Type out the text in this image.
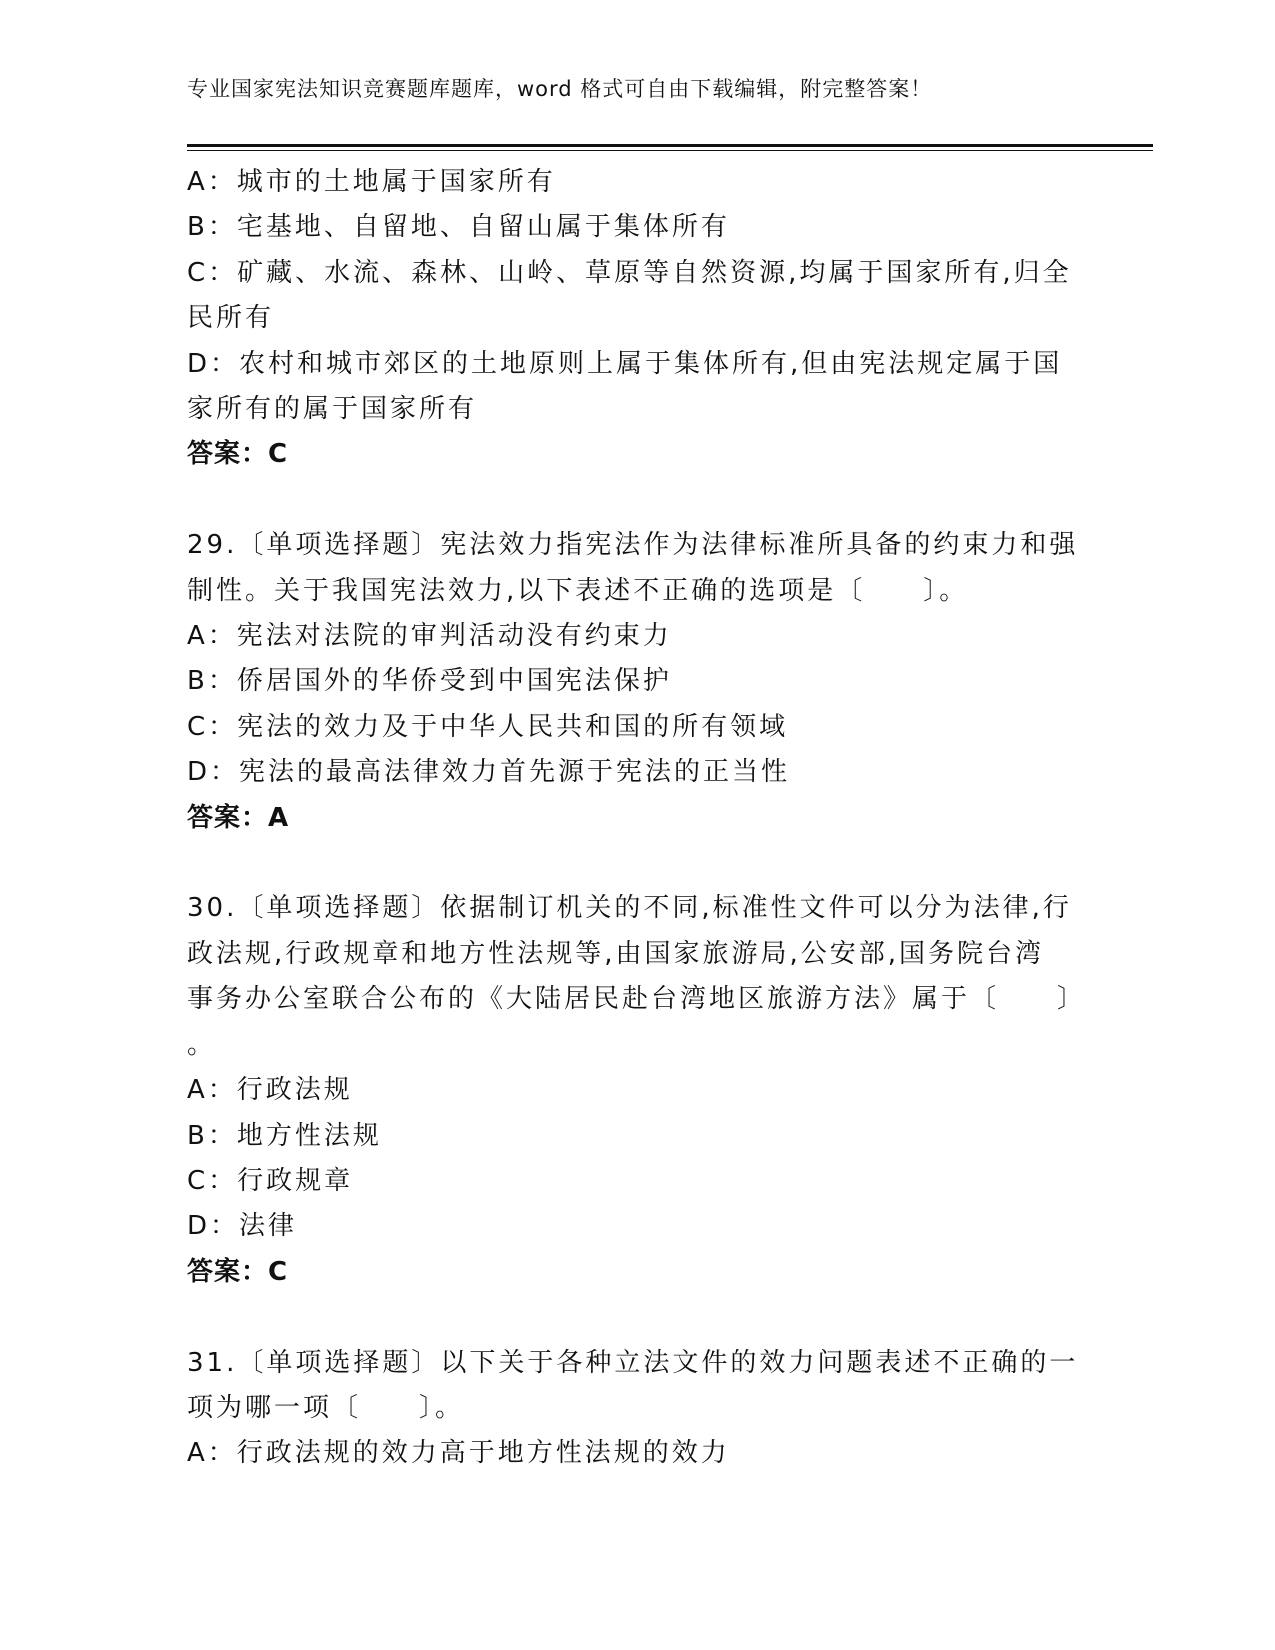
专业国家宪法知识竞赛题库题库，word 格式可自由下载编辑，附完整答案！
A：城市的土地属于国家所有
B：宅基地、自留地、自留山属于集体所有
C：矿藏、水流、森林、山岭、草原等自然资源,均属于国家所有,归全
民所有
D：农村和城市郊区的土地原则上属于集体所有,但由宪法规定属于国
家所有的属于国家所有
答案：C
29.〔单项选择题〕宪法效力指宪法作为法律标准所具备的约束力和强
制性。关于我国宪法效力,以下表述不正确的选项是〔　　〕。
A：宪法对法院的审判活动没有约束力
B：侨居国外的华侨受到中国宪法保护
C：宪法的效力及于中华人民共和国的所有领域
D：宪法的最高法律效力首先源于宪法的正当性
答案：A
30.〔单项选择题〕依据制订机关的不同,标准性文件可以分为法律,行
政法规,行政规章和地方性法规等,由国家旅游局,公安部,国务院台湾
事务办公室联合公布的《大陆居民赴台湾地区旅游方法》属于〔　　〕
。
A：行政法规
B：地方性法规
C：行政规章
D：法律
答案：C
31.〔单项选择题〕以下关于各种立法文件的效力问题表述不正确的一
项为哪一项〔　　〕。
A：行政法规的效力高于地方性法规的效力
